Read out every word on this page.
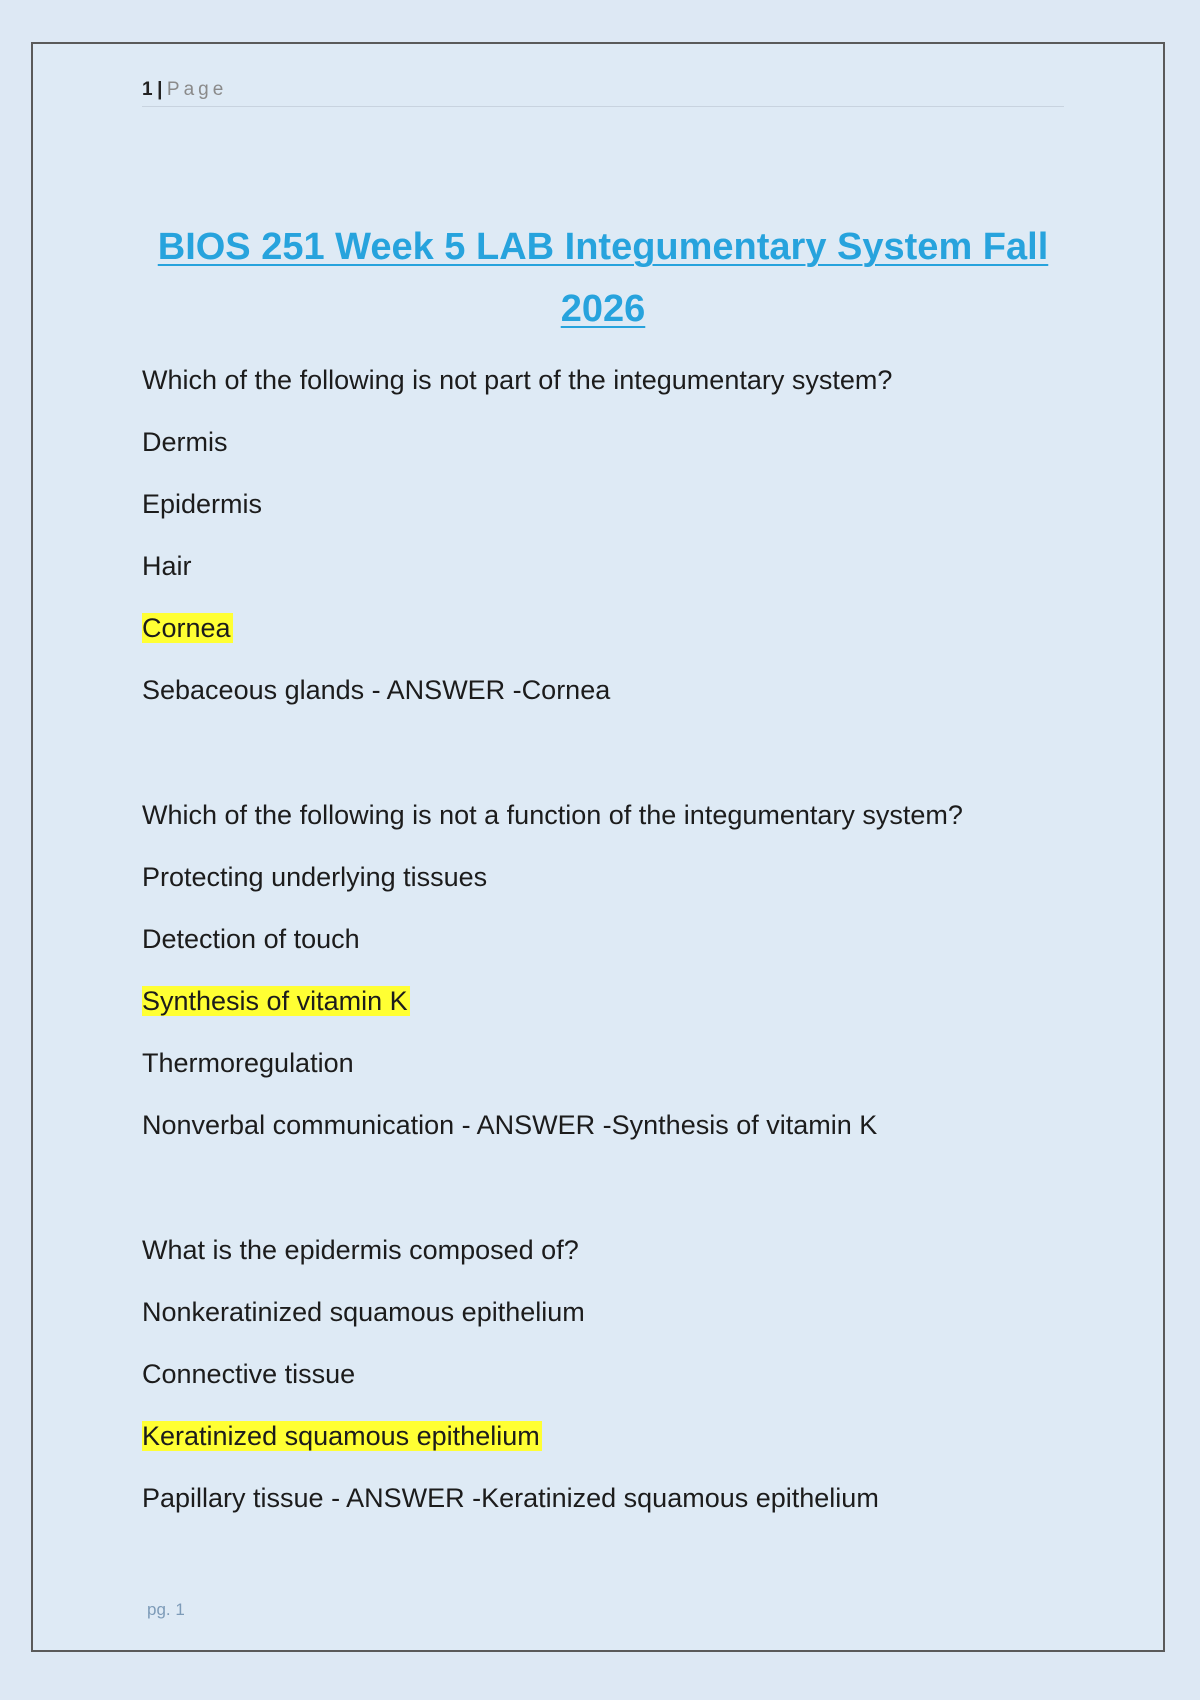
1 | Page
BIOS 251 Week 5 LAB Integumentary System Fall 2026
Which of the following is not part of the integumentary system?
Dermis
Epidermis
Hair
Cornea
Sebaceous glands - ANSWER -Cornea
Which of the following is not a function of the integumentary system?
Protecting underlying tissues
Detection of touch
Synthesis of vitamin K
Thermoregulation
Nonverbal communication - ANSWER -Synthesis of vitamin K
What is the epidermis composed of?
Nonkeratinized squamous epithelium
Connective tissue
Keratinized squamous epithelium
Papillary tissue - ANSWER -Keratinized squamous epithelium
pg. 1
